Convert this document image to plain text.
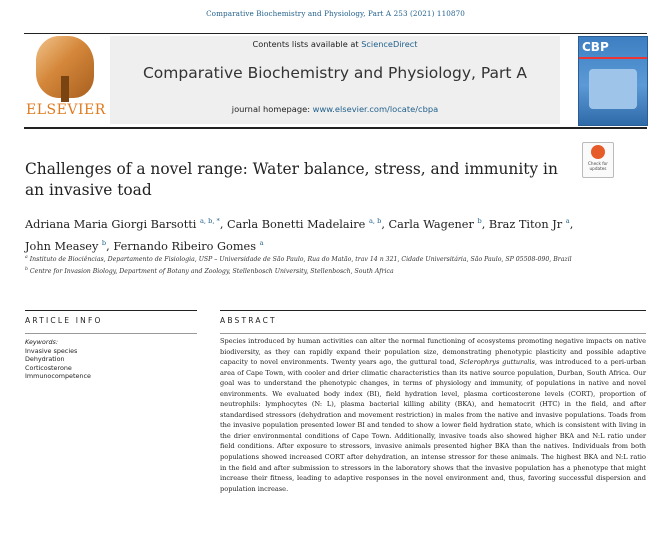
Comparative Biochemistry and Physiology, Part A 253 (2021) 110870
ELSEVIER
Contents lists available at ScienceDirect
Comparative Biochemistry and Physiology, Part A
journal homepage: www.elsevier.com/locate/cbpa
CBP
Challenges of a novel range: Water balance, stress, and immunity in an invasive toad
Check for
updates
Adriana Maria Giorgi Barsotti $^{a, b, *}$, Carla Bonetti Madelaire $^{a, b}$, Carla Wagener $^b$, Braz Titon Jr $^a$,
John Measey $^b$, Fernando Ribeiro Gomes $^a$
$^a$ Instituto de Biociências, Departamento de Fisiologia, USP – Universidade de São Paulo, Rua do Matão, trav 14 n 321, Cidade Universitária, São Paulo, SP 05508-090, Brazil
$^b$ Centre for Invasion Biology, Department of Botany and Zoology, Stellenbosch University, Stellenbosch, South Africa
ARTICLE INFO	ABSTRACT
Keywords:
Invasive species
Dehydration
Corticosterone
Immunocompetence
Species introduced by human activities can alter the normal functioning of ecosystems promoting negative impacts on native biodiversity, as they can rapidly expand their population size, demonstrating phenotypic plasticity and possible adaptive capacity to novel environments. Twenty years ago, the guttural toad, Sclerophrys gutturalis, was introduced to a peri-urban area of Cape Town, with cooler and drier climatic characteristics than its native source population, Durban, South Africa. Our goal was to understand the phenotypic changes, in terms of physiology and immunity, of populations in native and novel environments. We evaluated body index (BI), field hydration level, plasma corticosterone levels (CORT), proportion of neutrophils: lymphocytes (N: L), plasma bacterial killing ability (BKA), and hematocrit (HTC) in the field, and after standardised stressors (dehydration and movement restriction) in males from the native and invasive populations. Toads from the invasive population presented lower BI and tended to show a lower field hydration state, which is consistent with living in the drier environmental conditions of Cape Town. Additionally, invasive toads also showed higher BKA and N:L ratio under field conditions. After exposure to stressors, invasive animals presented higher BKA than the natives. Individuals from both populations showed increased CORT after dehydration, an intense stressor for these animals. The highest BKA and N:L ratio in the field and after submission to stressors in the laboratory shows that the invasive population has a phenotype that might increase their fitness, leading to adaptive responses in the novel environment and, thus, favoring successful dispersion and population increase.
